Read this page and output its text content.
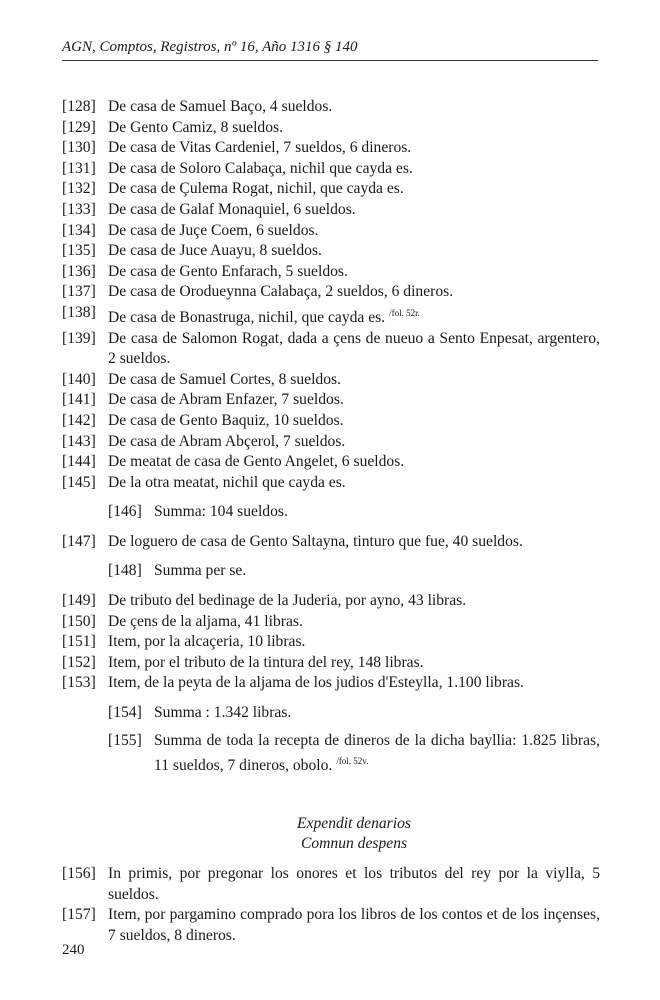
AGN, Comptos, Registros, nº 16, Año 1316 § 140
[128] De casa de Samuel Baço, 4 sueldos.
[129] De Gento Camiz, 8 sueldos.
[130] De casa de Vitas Cardeniel, 7 sueldos, 6 dineros.
[131] De casa de Soloro Calabaça, nichil que cayda es.
[132] De casa de Çulema Rogat, nichil, que cayda es.
[133] De casa de Galaf Monaquiel, 6 sueldos.
[134] De casa de Juçe Coem, 6 sueldos.
[135] De casa de Juce Auayu, 8 sueldos.
[136] De casa de Gento Enfarach, 5 sueldos.
[137] De casa de Orodueynna Calabaça, 2 sueldos, 6 dineros.
[138] De casa de Bonastruga, nichil, que cayda es. $^{/fol. 52r.}$
[139] De casa de Salomon Rogat, dada a çens de nueuo a Sento Enpesat, argentero, 2 sueldos.
[140] De casa de Samuel Cortes, 8 sueldos.
[141] De casa de Abram Enfazer, 7 sueldos.
[142] De casa de Gento Baquiz, 10 sueldos.
[143] De casa de Abram Abçerol, 7 sueldos.
[144] De meatat de casa de Gento Angelet, 6 sueldos.
[145] De la otra meatat, nichil que cayda es.
[146] Summa: 104 sueldos.
[147] De loguero de casa de Gento Saltayna, tinturo que fue, 40 sueldos.
[148] Summa per se.
[149] De tributo del bedinage de la Juderia, por ayno, 43 libras.
[150] De çens de la aljama, 41 libras.
[151] Item, por la alcaçeria, 10 libras.
[152] Item, por el tributo de la tintura del rey, 148 libras.
[153] Item, de la peyta de la aljama de los judios d'Esteylla, 1.100 libras.
[154] Summa : 1.342 libras.
[155] Summa de toda la recepta de dineros de la dicha bayllia: 1.825 libras, 11 sueldos, 7 dineros, obolo. $^{/fol. 52v.}$
Expendit denarios
Comnun despens
[156] In primis, por pregonar los onores et los tributos del rey por la viylla, 5 sueldos.
[157] Item, por pargamino comprado pora los libros de los contos et de los inçenses, 7 sueldos, 8 dineros.
240
